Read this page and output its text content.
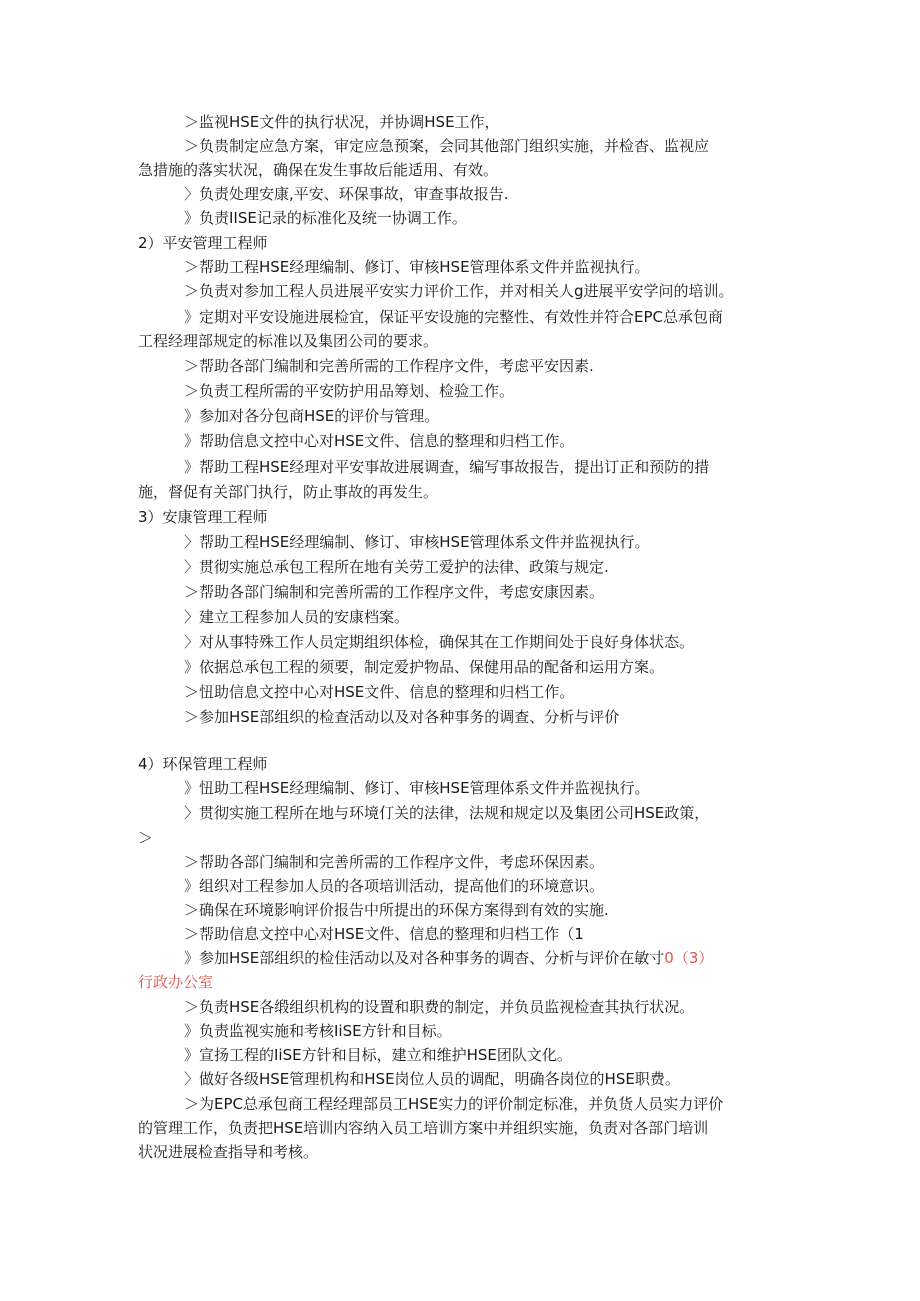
＞监视HSE文件的执行状况，并协调HSE工作，
＞负贵制定应急方案，审定应急预案，会同其他部门组织实施，并检杳、监视应
急措施的落实状况，确保在发生事故后能适用、有效。
〉负责处理安康,平安、环保事故，审查事故报告.
》负责IISE记录的标准化及统一协调工作。
2）平安管理工程师
＞帮助工程HSE经理编制、修订、审核HSE管理体系文件并监视执行。
＞负责对参加工程人员进展平安实力评价工作，并对相关人g进展平安学问的培训。
》定期对平安设施进展检宜，保证平安设施的完整性、有效性并符合EPC总承包商
工程经理部规定的标准以及集团公司的要求。
＞帮助各部门编制和完善所需的工作程序文件，考虑平安因素.
＞负责工程所需的平安防护用品筹划、检验工作。
》参加对各分包商HSE的评价与管理。
》帮助信息文控中心对HSE文件、信息的整理和归档工作。
》帮助工程HSE经理对平安事故进展调查，编写事故报告，提出订正和预防的措
施，督促有关部门执行，防止事故的再发生。
3）安康管理工程师
〉帮助工程HSE经理编制、修订、审核HSE管理体系文件并监视执行。
〉贯彻实施总承包工程所在地有关劳工爱护的法律、政策与规定.
＞帮助各部门编制和完善所需的工作程序文件，考虑安康因素。
〉建立工程参加人员的安康档案。
〉对从事特殊工作人员定期组织体检，确保其在工作期间处于良好身体状态。
》依据总承包工程的须要，制定爱护物品、保健用品的配备和运用方案。
＞忸助信息文控中心对HSE文件、信息的整理和归档工作。
＞参加HSE部组织的检查活动以及对各种事务的调查、分析与评价
4）环保管理工程师
》忸助工程HSE经理编制、修订、审核HSE管理体系文件并监视执行。
〉贯彻实施工程所在地与环境仃关的法律，法规和规定以及集团公司HSE政策，
＞
＞帮助各部门编制和完善所需的工作程序文件，考虑环保因素。
》组织对工程参加人员的各项培训活动，提高他们的环境意识。
＞确保在环境影响评价报告中所提出的环保方案得到有效的实施.
＞帮助信息文控中心对HSE文件、信息的整理和归档工作（1
》参加HSE部组织的检佳活动以及对各种事务的调杳、分析与评价在敏寸0（3）
行政办公室
＞负责HSE各缎组织机构的设置和职费的制定，并负员监视检查其执行状况。
》负责监视实施和考核IiSE方针和目标。
》宣扬工程的IiSE方针和目标，建立和维护HSE团队文化。
〉做好各级HSE管理机构和HSE岗位人员的调配，明确各岗位的HSE职费。
＞为EPC总承包商工程经理部员工HSE实力的评价制定标准，并负货人员实力评价
的管理工作，负责把HSE培训内容纳入员工培训方案中并组织实施，负责对各部门培训
状况进展检查指导和考核。
